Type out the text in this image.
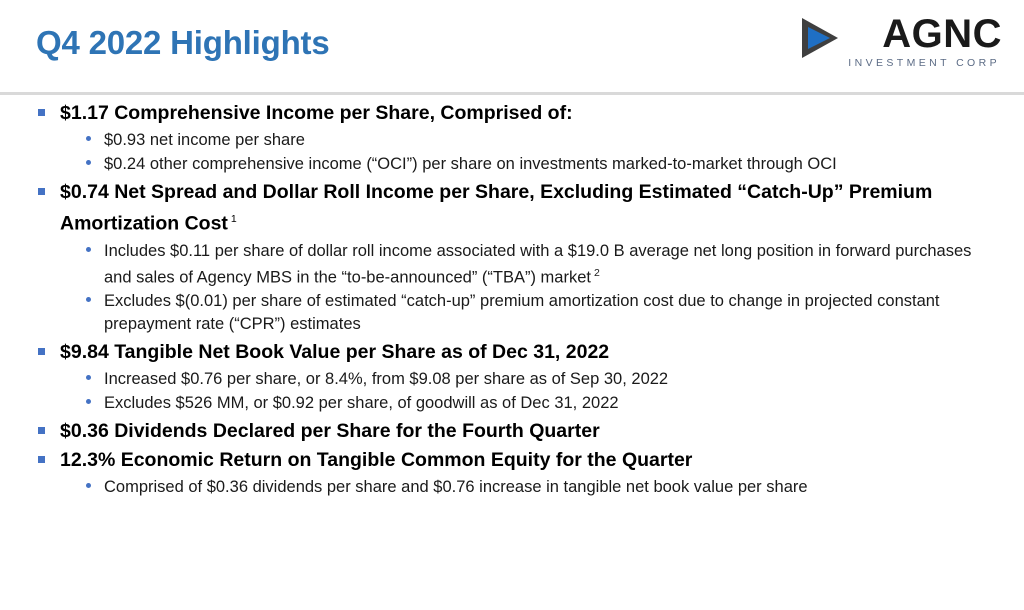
Q4 2022 Highlights	AGNC
INVESTMENT CORP
$1.17 Comprehensive Income per Share, Comprised of:
$0.93 net income per share
$0.24 other comprehensive income (“OCI”) per share on investments marked-to-market through OCI
$0.74 Net Spread and Dollar Roll Income per Share, Excluding Estimated “Catch-Up” Premium Amortization Cost $^1$
Includes $0.11 per share of dollar roll income associated with a $19.0 B average net long position in forward purchases and sales of Agency MBS in the “to-be-announced” (“TBA”) market $^2$
Excludes $(0.01) per share of estimated “catch-up” premium amortization cost due to change in projected constant prepayment rate (“CPR”) estimates
$9.84 Tangible Net Book Value per Share as of Dec 31, 2022
Increased $0.76 per share, or 8.4%, from $9.08 per share as of Sep 30, 2022
Excludes $526 MM, or $0.92 per share, of goodwill as of Dec 31, 2022
$0.36 Dividends Declared per Share for the Fourth Quarter
12.3% Economic Return on Tangible Common Equity for the Quarter
Comprised of $0.36 dividends per share and $0.76 increase in tangible net book value per share
